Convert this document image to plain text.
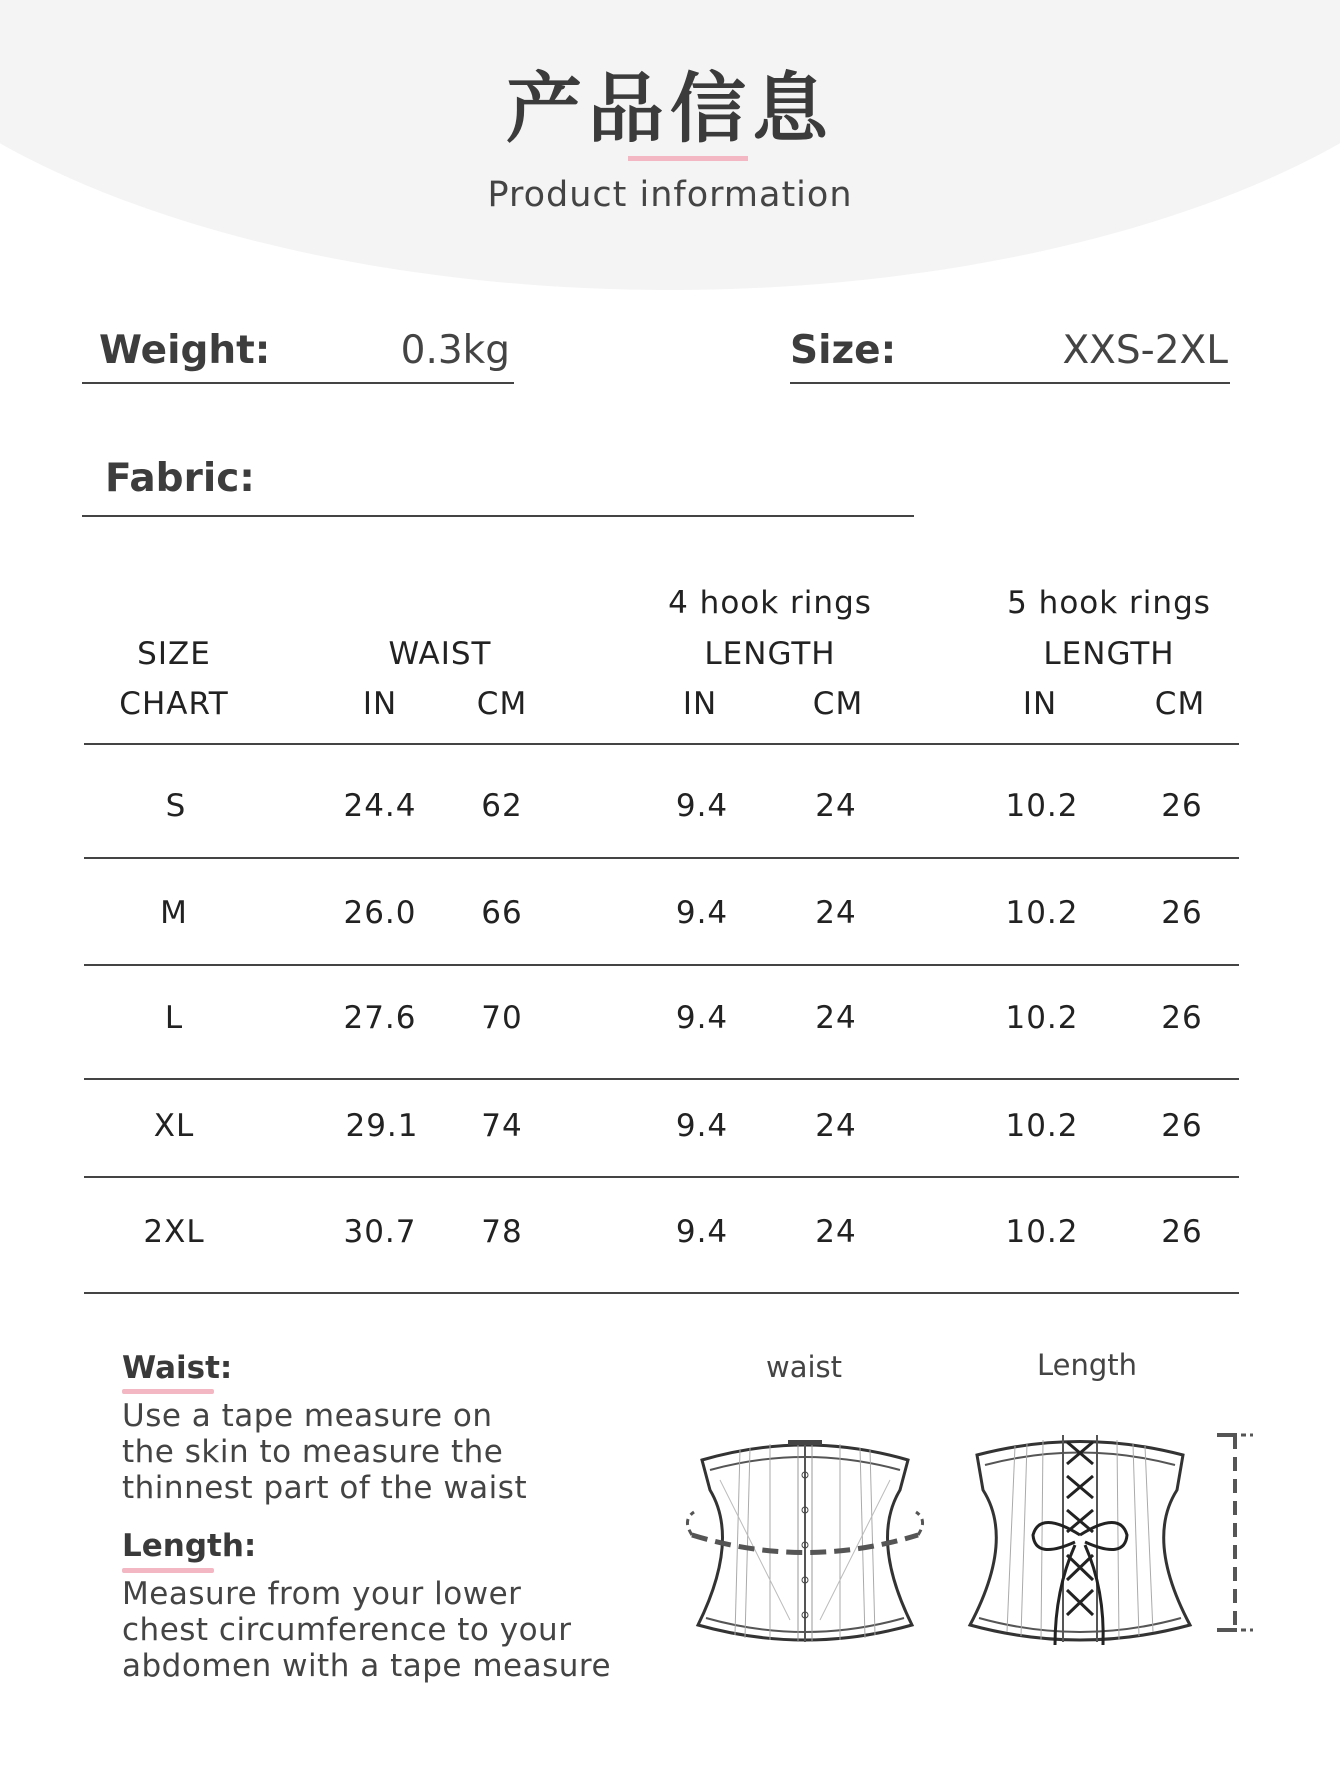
产品信息
Product information
Weight:	0.3kg	Size:	XXS-2XL
Fabric:
SIZE
CHART
WAIST
IN	CM
4 hook rings
LENGTH
IN	CM
5 hook rings
LENGTH
IN	CM
S	24.4	62	9.4	24	10.2	26
M	26.0	66	9.4	24	10.2	26
L	27.6	70	9.4	24	10.2	26
XL	29.1	74	9.4	24	10.2	26
2XL	30.7	78	9.4	24	10.2	26
Waist:
Use a tape measure on
the skin to measure the
thinnest part of the waist
Length:
Measure from your lower
chest circumference to your
abdomen with a tape measure
waist	Length
